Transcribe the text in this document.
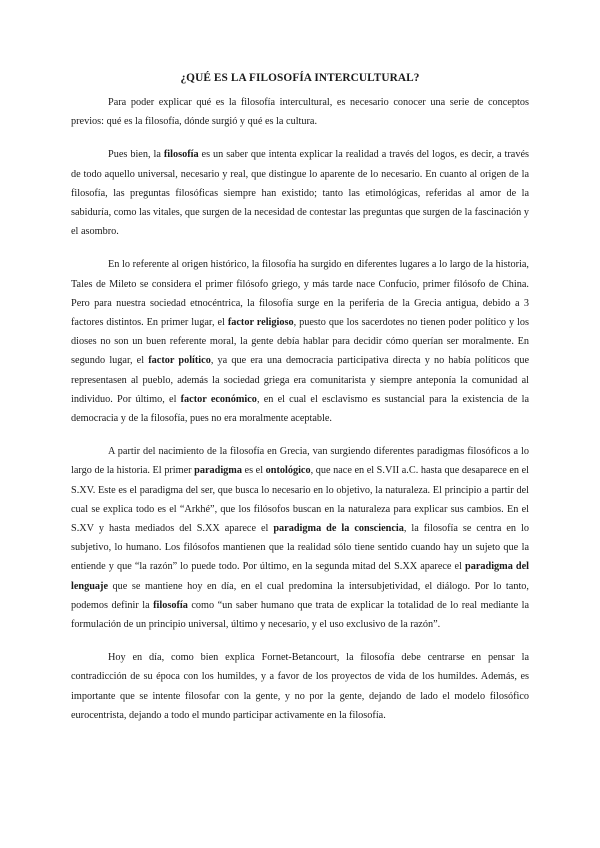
¿QUÉ ES LA FILOSOFÍA INTERCULTURAL?

Para poder explicar qué es la filosofía intercultural, es necesario conocer una serie de conceptos previos: qué es la filosofía, dónde surgió y qué es la cultura.

Pues bien, la filosofía es un saber que intenta explicar la realidad a través del logos, es decir, a través de todo aquello universal, necesario y real, que distingue lo aparente de lo necesario. En cuanto al origen de la filosofía, las preguntas filosóficas siempre han existido; tanto las etimológicas, referidas al amor de la sabiduría, como las vitales, que surgen de la necesidad de contestar las preguntas que surgen de la fascinación y el asombro.

En lo referente al origen histórico, la filosofía ha surgido en diferentes lugares a lo largo de la historia, Tales de Mileto se considera el primer filósofo griego, y más tarde nace Confucio, primer filósofo de China. Pero para nuestra sociedad etnocéntrica, la filosofía surge en la periferia de la Grecia antigua, debido a 3 factores distintos. En primer lugar, el factor religioso, puesto que los sacerdotes no tienen poder político y los dioses no son un buen referente moral, la gente debía hablar para decidir cómo querían ser moralmente. En segundo lugar, el factor político, ya que era una democracia participativa directa y no había políticos que representasen al pueblo, además la sociedad griega era comunitarista y siempre anteponía la comunidad al individuo. Por último, el factor económico, en el cual el esclavismo es sustancial para la existencia de la democracia y de la filosofía, pues no era moralmente aceptable.

A partir del nacimiento de la filosofía en Grecia, van surgiendo diferentes paradigmas filosóficos a lo largo de la historia. El primer paradigma es el ontológico, que nace en el S.VII a.C. hasta que desaparece en el S.XV. Este es el paradigma del ser, que busca lo necesario en lo objetivo, la naturaleza. El principio a partir del cual se explica todo es el “Arkhé”, que los filósofos buscan en la naturaleza para explicar sus cambios. En el S.XV y hasta mediados del S.XX aparece el paradigma de la consciencia, la filosofía se centra en lo subjetivo, lo humano. Los filósofos mantienen que la realidad sólo tiene sentido cuando hay un sujeto que la entiende y que “la razón” lo puede todo. Por último, en la segunda mitad del S.XX aparece el paradigma del lenguaje que se mantiene hoy en día, en el cual predomina la intersubjetividad, el diálogo. Por lo tanto, podemos definir la filosofía como “un saber humano que trata de explicar la totalidad de lo real mediante la formulación de un principio universal, último y necesario, y el uso exclusivo de la razón”.

Hoy en día, como bien explica Fornet-Betancourt, la filosofía debe centrarse en pensar la contradicción de su época con los humildes, y a favor de los proyectos de vida de los humildes. Además, es importante que se intente filosofar con la gente, y no por la gente, dejando de lado el modelo filosófico eurocentrista, dejando a todo el mundo participar activamente en la filosofía.
